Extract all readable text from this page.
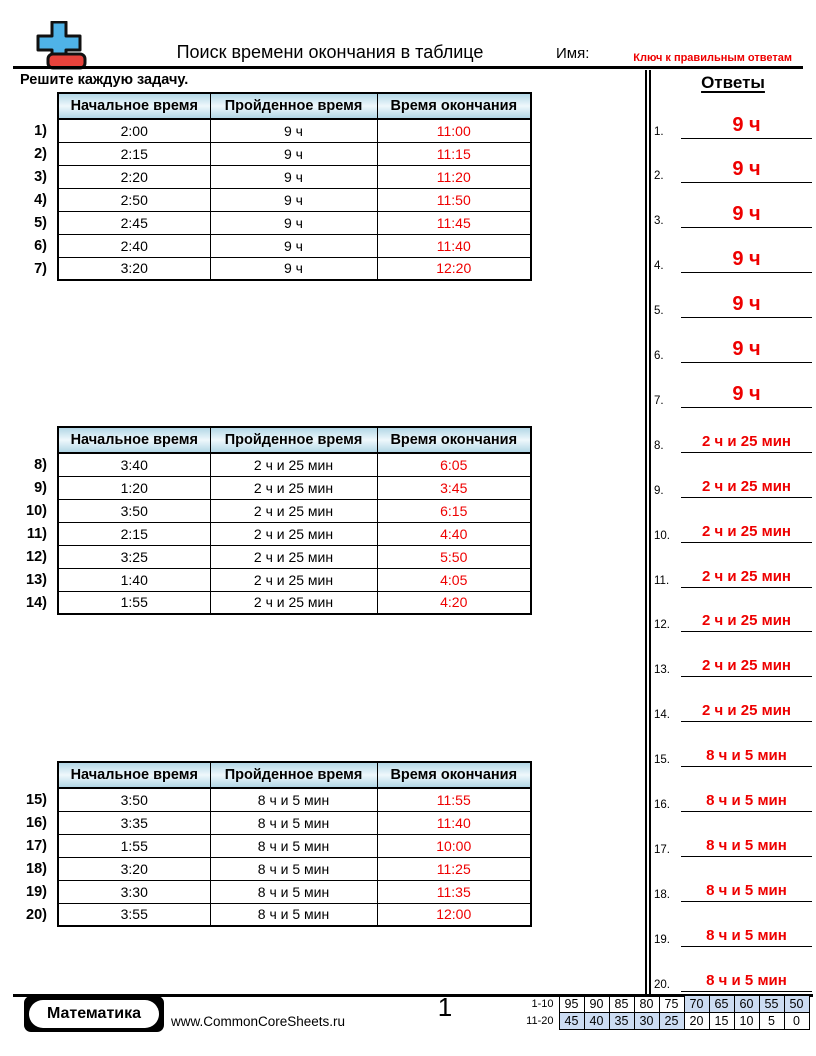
Поиск времени окончания в таблице	Имя:	Ключ к правильным ответам
Решите каждую задачу.
	Начальное время	Пройденное время	Время окончания
1)	2:00	9 ч	11:00
2)	2:15	9 ч	11:15
3)	2:20	9 ч	11:20
4)	2:50	9 ч	11:50
5)	2:45	9 ч	11:45
6)	2:40	9 ч	11:40
7)	3:20	9 ч	12:20
	Начальное время	Пройденное время	Время окончания
8)	3:40	2 ч и 25 мин	6:05
9)	1:20	2 ч и 25 мин	3:45
10)	3:50	2 ч и 25 мин	6:15
11)	2:15	2 ч и 25 мин	4:40
12)	3:25	2 ч и 25 мин	5:50
13)	1:40	2 ч и 25 мин	4:05
14)	1:55	2 ч и 25 мин	4:20
	Начальное время	Пройденное время	Время окончания
15)	3:50	8 ч и 5 мин	11:55
16)	3:35	8 ч и 5 мин	11:40
17)	1:55	8 ч и 5 мин	10:00
18)	3:20	8 ч и 5 мин	11:25
19)	3:30	8 ч и 5 мин	11:35
20)	3:55	8 ч и 5 мин	12:00
Ответы
1.	9 ч
2.	9 ч
3.	9 ч
4.	9 ч
5.	9 ч
6.	9 ч
7.	9 ч
8.	2 ч и 25 мин
9.	2 ч и 25 мин
10.	2 ч и 25 мин
11.	2 ч и 25 мин
12.	2 ч и 25 мин
13.	2 ч и 25 мин
14.	2 ч и 25 мин
15.	8 ч и 5 мин
16.	8 ч и 5 мин
17.	8 ч и 5 мин
18.	8 ч и 5 мин
19.	8 ч и 5 мин
20.	8 ч и 5 мин
Математика	www.CommonCoreSheets.ru	1	1-10	95	90	85	80	75	70	65	60	55	50
11-20	45	40	35	30	25	20	15	10	5	0
